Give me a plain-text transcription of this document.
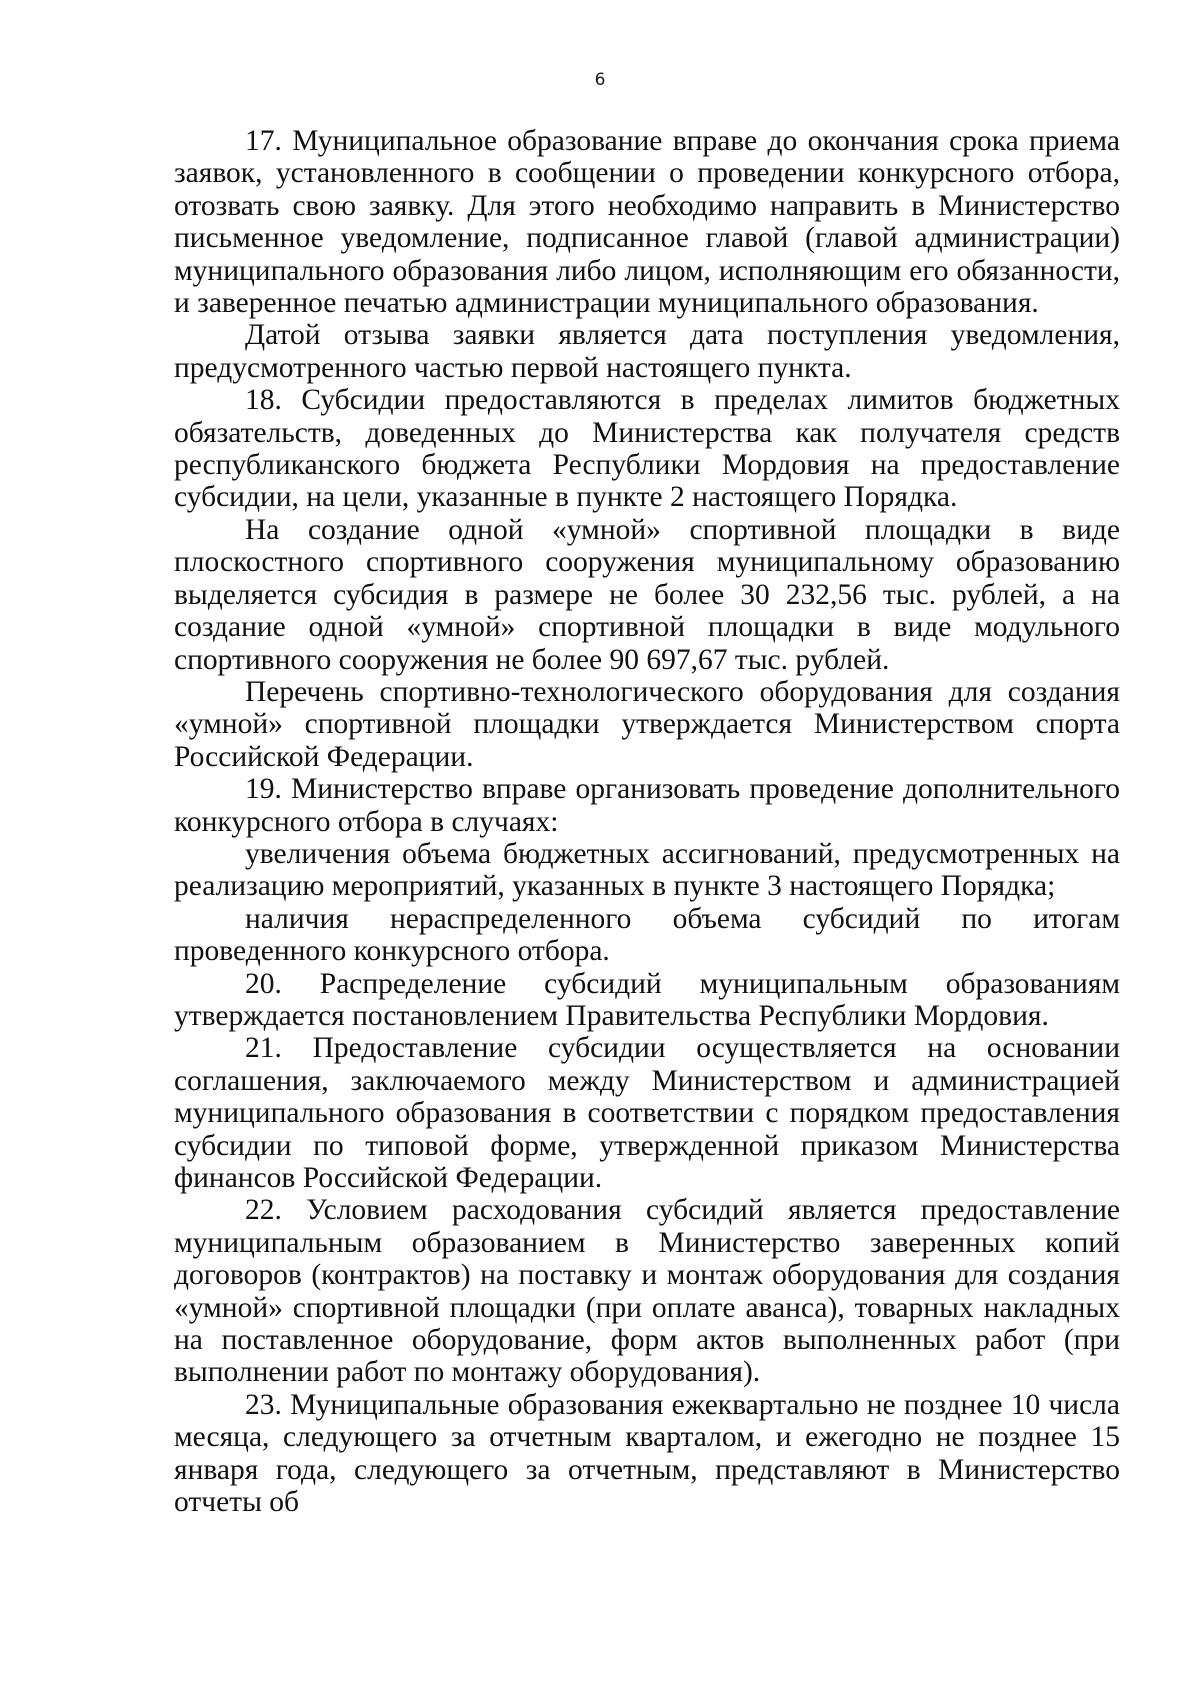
6

17. Муниципальное образование вправе до окончания срока приема заявок, установленного в сообщении о проведении конкурсного отбора, отозвать свою заявку. Для этого необходимо направить в Министерство письменное уведомление, подписанное главой (главой администрации) муниципального образования либо лицом, исполняющим его обязанности, и заверенное печатью администрации муниципального образования.

Датой отзыва заявки является дата поступления уведомления, предусмотренного частью первой настоящего пункта.

18. Субсидии предоставляются в пределах лимитов бюджетных обязательств, доведенных до Министерства как получателя средств республиканского бюджета Республики Мордовия на предоставление субсидии, на цели, указанные в пункте 2 настоящего Порядка.

На создание одной «умной» спортивной площадки в виде плоскостного спортивного сооружения муниципальному образованию выделяется субсидия в размере не более 30 232,56 тыс. рублей, а на создание одной «умной» спортивной площадки в виде модульного спортивного сооружения не более 90 697,67 тыс. рублей.

Перечень спортивно-технологического оборудования для создания «умной» спортивной площадки утверждается Министерством спорта Российской Федерации.

19. Министерство вправе организовать проведение дополнительного конкурсного отбора в случаях:

увеличения объема бюджетных ассигнований, предусмотренных на реализацию мероприятий, указанных в пункте 3 настоящего Порядка;

наличия нераспределенного объема субсидий по итогам проведенного конкурсного отбора.

20. Распределение субсидий муниципальным образованиям утверждается постановлением Правительства Республики Мордовия.

21. Предоставление субсидии осуществляется на основании соглашения, заключаемого между Министерством и администрацией муниципального образования в соответствии с порядком предоставления субсидии по типовой форме, утвержденной приказом Министерства финансов Российской Федерации.

22. Условием расходования субсидий является предоставление муниципальным образованием в Министерство заверенных копий договоров (контрактов) на поставку и монтаж оборудования для создания «умной» спортивной площадки (при оплате аванса), товарных накладных на поставленное оборудование, форм актов выполненных работ (при выполнении работ по монтажу оборудования).

23. Муниципальные образования ежеквартально не позднее 10 числа месяца, следующего за отчетным кварталом, и ежегодно не позднее 15 января года, следующего за отчетным, представляют в Министерство отчеты об
